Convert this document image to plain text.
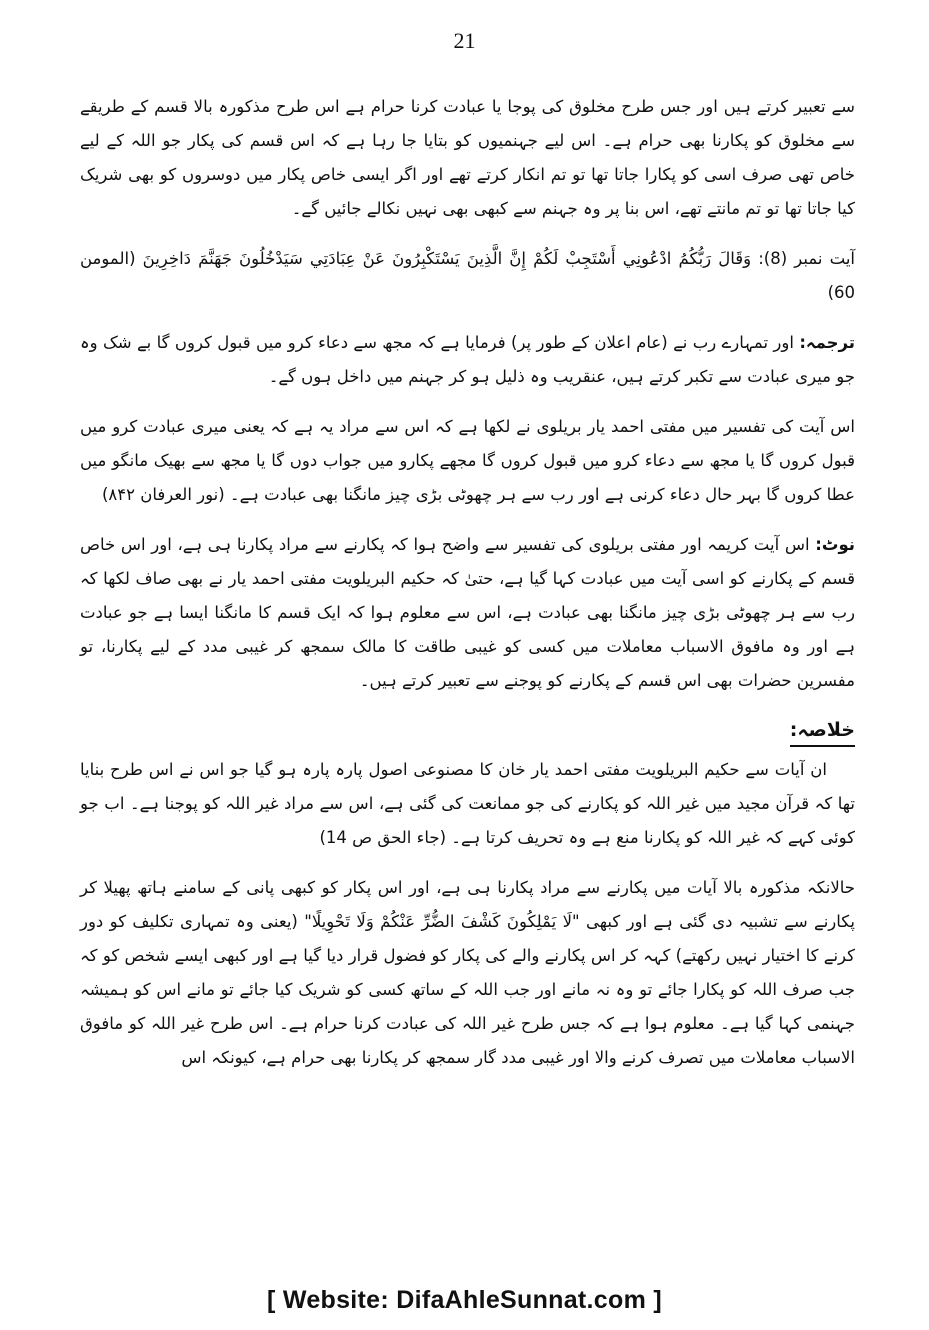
21

سے تعبیر کرتے ہیں اور جس طرح مخلوق کی پوجا یا عبادت کرنا حرام ہے اس طرح مذکورہ بالا قسم کے طریقے سے مخلوق کو پکارنا بھی حرام ہے۔ اس لیے جہنمیوں کو بتایا جا رہا ہے کہ اس قسم کی پکار جو اللہ کے لیے خاص تھی صرف اسی کو پکارا جاتا تھا تو تم انکار کرتے تھے اور اگر ایسی خاص پکار میں دوسروں کو بھی شریک کیا جاتا تھا تو تم مانتے تھے، اس بنا پر وہ جہنم سے کبھی بھی نہیں نکالے جائیں گے۔

آیت نمبر (8): وَقَالَ رَبُّكُمُ ادْعُونِي أَسْتَجِبْ لَكُمْ إِنَّ الَّذِينَ يَسْتَكْبِرُونَ عَنْ عِبَادَتِي سَيَدْخُلُونَ جَهَنَّمَ دَاخِرِينَ (المومن 60)

ترجمہ: اور تمہارے رب نے (عام اعلان کے طور پر) فرمایا ہے کہ مجھ سے دعاء کرو میں قبول کروں گا بے شک وہ جو میری عبادت سے تکبر کرتے ہیں، عنقریب وہ ذلیل ہو کر جہنم میں داخل ہوں گے۔

اس آیت کی تفسیر میں مفتی احمد یار بریلوی نے لکھا ہے کہ اس سے مراد یہ ہے کہ یعنی میری عبادت کرو میں قبول کروں گا یا مجھ سے دعاء کرو میں قبول کروں گا مجھے پکارو میں جواب دوں گا یا مجھ سے بھیک مانگو میں عطا کروں گا بہر حال دعاء کرنی ہے اور رب سے ہر چھوٹی بڑی چیز مانگنا بھی عبادت ہے۔ (نور العرفان ۸۴۲)

نوٹ: اس آیت کریمہ اور مفتی بریلوی کی تفسیر سے واضح ہوا کہ پکارنے سے مراد پکارنا ہی ہے، اور اس خاص قسم کے پکارنے کو اسی آیت میں عبادت کہا گیا ہے، حتیٰ کہ حکیم البریلویت مفتی احمد یار نے بھی صاف لکھا کہ رب سے ہر چھوٹی بڑی چیز مانگنا بھی عبادت ہے، اس سے معلوم ہوا کہ ایک قسم کا مانگنا ایسا ہے جو عبادت ہے اور وہ مافوق الاسباب معاملات میں کسی کو غیبی طاقت کا مالک سمجھ کر غیبی مدد کے لیے پکارنا، تو مفسرین حضرات بھی اس قسم کے پکارنے کو پوجنے سے تعبیر کرتے ہیں۔

خلاصہ:

ان آیات سے حکیم البریلویت مفتی احمد یار خان کا مصنوعی اصول پارہ پارہ ہو گیا جو اس نے اس طرح بنایا تھا کہ قرآن مجید میں غیر اللہ کو پکارنے کی جو ممانعت کی گئی ہے، اس سے مراد غیر اللہ کو پوجنا ہے۔ اب جو کوئی کہے کہ غیر اللہ کو پکارنا منع ہے وہ تحریف کرتا ہے۔ (جاء الحق ص 14)

حالانکہ مذکورہ بالا آیات میں پکارنے سے مراد پکارنا ہی ہے، اور اس پکار کو کبھی پانی کے سامنے ہاتھ پھیلا کر پکارنے سے تشبیہ دی گئی ہے اور کبھی "لَا يَمْلِكُونَ كَشْفَ الضُّرِّ عَنْكُمْ وَلَا تَحْوِيلًا" (یعنی وہ تمہاری تکلیف کو دور کرنے کا اختیار نہیں رکھتے) کہہ کر اس پکارنے والے کی پکار کو فضول قرار دیا گیا ہے اور کبھی ایسے شخص کو کہ جب صرف اللہ کو پکارا جائے تو وہ نہ مانے اور جب اللہ کے ساتھ کسی کو شریک کیا جائے تو مانے اس کو ہمیشہ جہنمی کہا گیا ہے۔ معلوم ہوا ہے کہ جس طرح غیر اللہ کی عبادت کرنا حرام ہے۔ اس طرح غیر اللہ کو مافوق الاسباب معاملات میں تصرف کرنے والا اور غیبی مدد گار سمجھ کر پکارنا بھی حرام ہے، کیونکہ اس

[ Website: DifaAhleSunnat.com ]
